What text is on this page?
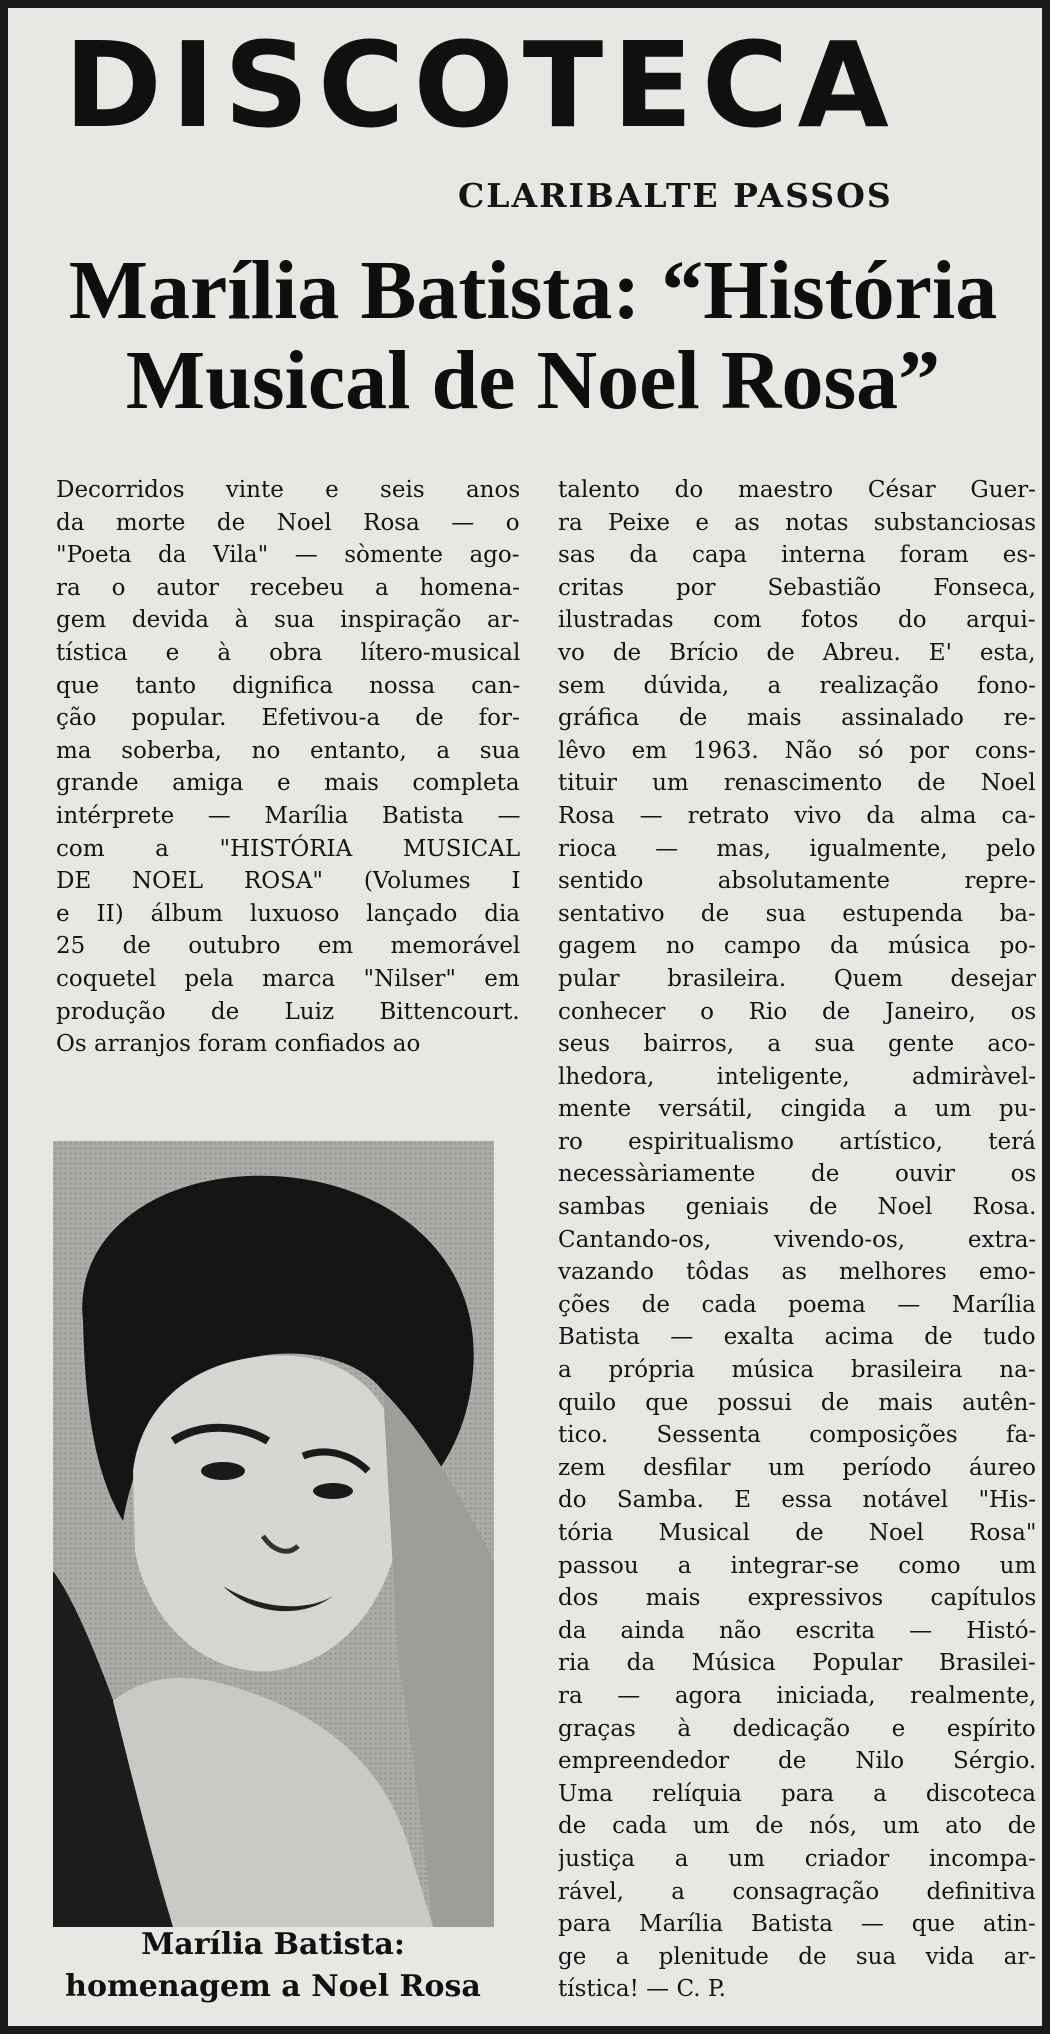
DISCOTECA
CLARIBALTE PASSOS
Marília Batista: “História
Musical de Noel Rosa”
Decorridos vinte e seis anos
da morte de Noel Rosa — o
"Poeta da Vila" — sòmente ago-
ra o autor recebeu a homena-
gem devida à sua inspiração ar-
tística e à obra lítero-musical
que tanto dignifica nossa can-
ção popular. Efetivou-a de for-
ma soberba, no entanto, a sua
grande amiga e mais completa
intérprete — Marília Batista —
com a "HISTÓRIA MUSICAL
DE NOEL ROSA" (Volumes I
e II) álbum luxuoso lançado dia
25 de outubro em memorável
coquetel pela marca "Nilser" em
produção de Luiz Bittencourt.
Os arranjos foram confiados ao
talento do maestro César Guer-
ra Peixe e as notas substanciosas
sas da capa interna foram es-
critas por Sebastião Fonseca,
ilustradas com fotos do arqui-
vo de Brício de Abreu. E' esta,
sem dúvida, a realização fono-
gráfica de mais assinalado re-
lêvo em 1963. Não só por cons-
tituir um renascimento de Noel
Rosa — retrato vivo da alma ca-
rioca — mas, igualmente, pelo
sentido absolutamente repre-
sentativo de sua estupenda ba-
gagem no campo da música po-
pular brasileira. Quem desejar
conhecer o Rio de Janeiro, os
seus bairros, a sua gente aco-
lhedora, inteligente, admiràvel-
mente versátil, cingida a um pu-
ro espiritualismo artístico, terá
necessàriamente de ouvir os
sambas geniais de Noel Rosa.
Cantando-os, vivendo-os, extra-
vazando tôdas as melhores emo-
ções de cada poema — Marília
Batista — exalta acima de tudo
a própria música brasileira na-
quilo que possui de mais autên-
tico. Sessenta composições fa-
zem desfilar um período áureo
do Samba. E essa notável "His-
tória Musical de Noel Rosa"
passou a integrar-se como um
dos mais expressivos capítulos
da ainda não escrita — Histó-
ria da Música Popular Brasilei-
ra — agora iniciada, realmente,
graças à dedicação e espírito
empreendedor de Nilo Sérgio.
Uma relíquia para a discoteca
de cada um de nós, um ato de
justiça a um criador incompa-
rável, a consagração definitiva
para Marília Batista — que atin-
ge a plenitude de sua vida ar-
tística! — C. P.
Marília Batista:
homenagem a Noel Rosa
